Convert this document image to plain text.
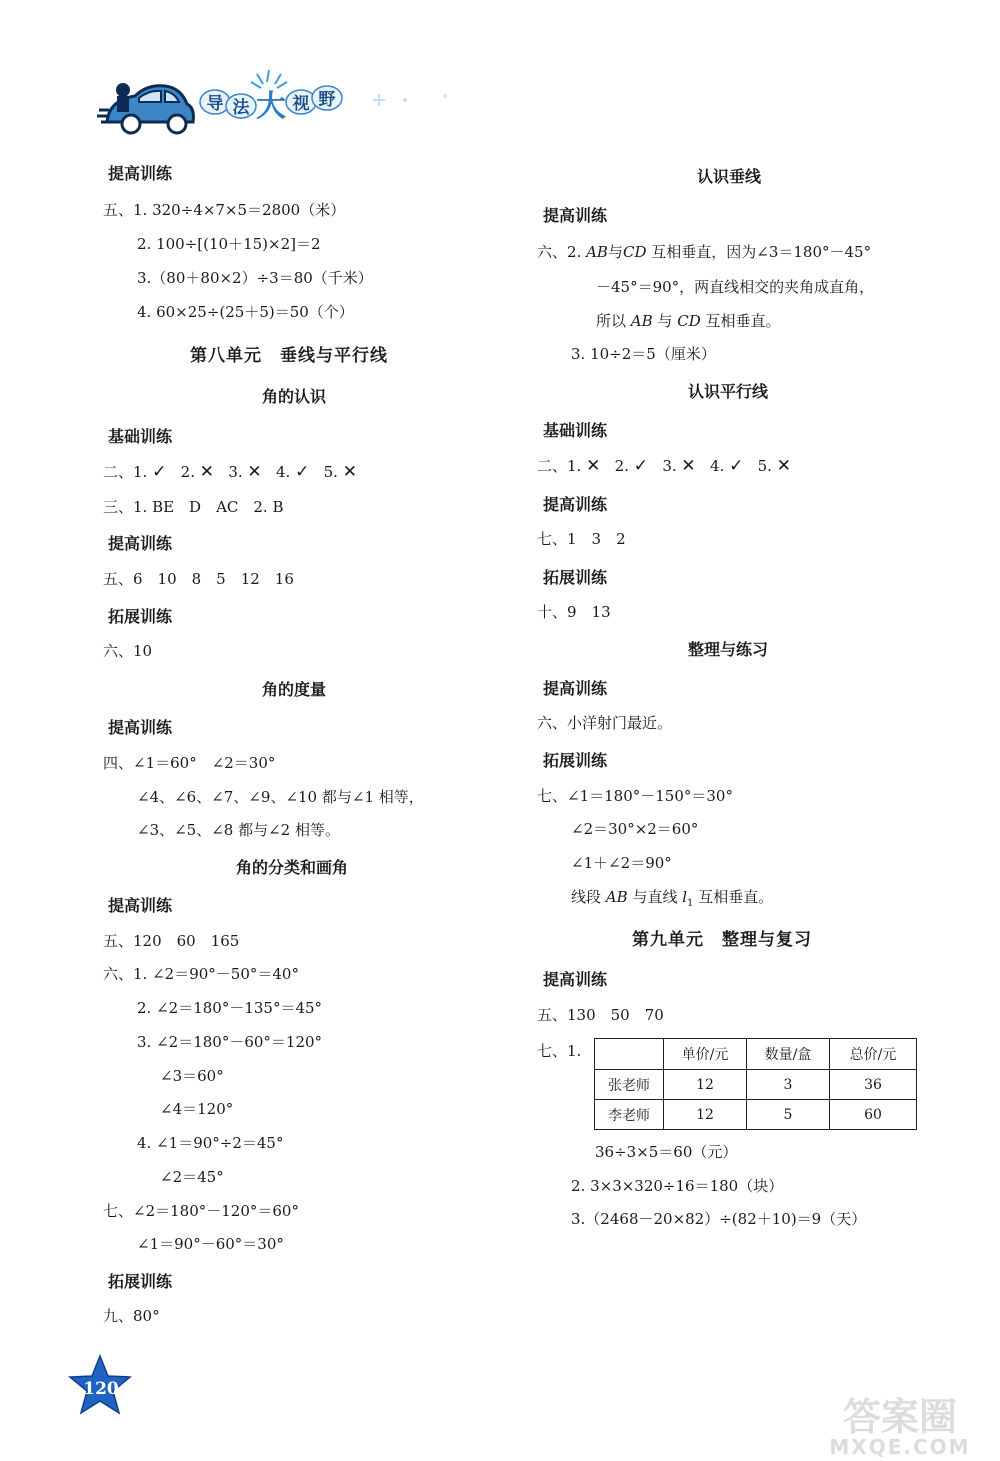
导 法 大 视 野
提高训练
五、1. 320÷4×7×5＝2800（米）
2. 100÷[(10＋15)×2]＝2
3.（80＋80×2）÷3＝80（千米）
4. 60×25÷(25＋5)＝50（个）
第八单元　垂线与平行线
角的认识
基础训练
二、1. ✓ 2. ✕ 3. ✕ 4. ✓ 5. ✕
三、1. BE　D　AC　2. B
提高训练
五、6　10　8　5　12　16
拓展训练
六、10
角的度量
提高训练
四、∠1＝60°　∠2＝30°
∠4、∠6、∠7、∠9、∠10 都与∠1 相等，
∠3、∠5、∠8 都与∠2 相等。
角的分类和画角
提高训练
五、120　60　165
六、1. ∠2＝90°－50°＝40°
2. ∠2＝180°－135°＝45°
3. ∠2＝180°－60°＝120°
∠3＝60°
∠4＝120°
4. ∠1＝90°÷2＝45°
∠2＝45°
七、∠2＝180°－120°＝60°
∠1＝90°－60°＝30°
拓展训练
九、80°
认识垂线
提高训练
六、2. AB与CD 互相垂直，因为∠3＝180°－45°
－45°＝90°，两直线相交的夹角成直角，
所以 AB 与 CD 互相垂直。
3. 10÷2＝5（厘米）
认识平行线
基础训练
二、1. ✕ 2. ✓ 3. ✕ 4. ✓ 5. ✕
提高训练
七、1　3　2
拓展训练
十、9　13
整理与练习
提高训练
六、小洋射门最近。
拓展训练
七、∠1＝180°－150°＝30°
∠2＝30°×2＝60°
∠1＋∠2＝90°
线段 AB 与直线 $l_1$ 互相垂直。
第九单元　整理与复习
提高训练
五、130　50　70
七、1.
		单价/元	数量/盒	总价/元
张老师	12	3	36
李老师	12	5	60
36÷3×5＝60（元）
2. 3×3×320÷16＝180（块）
3.（2468－20×82）÷(82＋10)＝9（天）
120
答案圈
MXQE.COM
